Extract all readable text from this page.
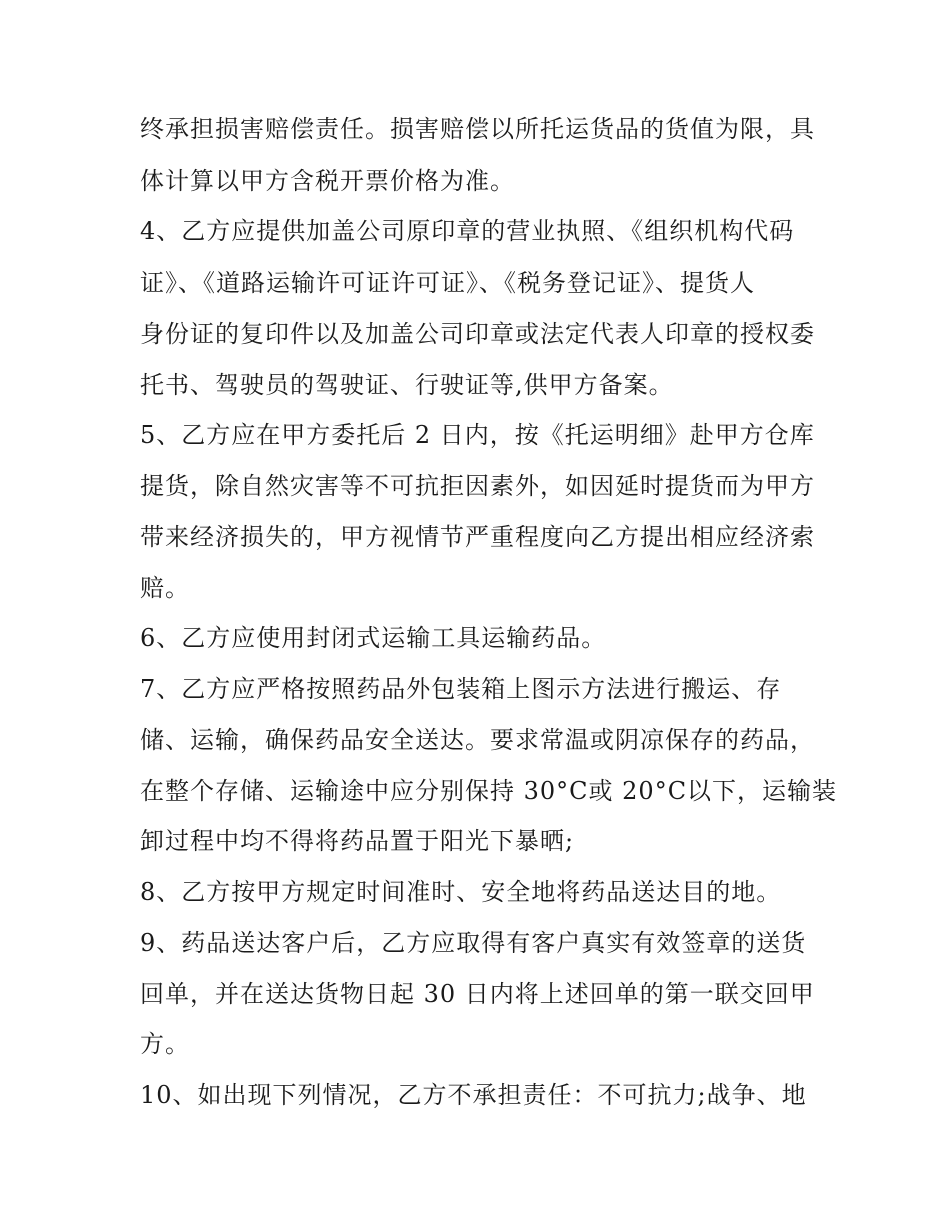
终承担损害赔偿责任。损害赔偿以所托运货品的货值为限，具
体计算以甲方含税开票价格为准。
4、乙方应提供加盖公司原印章的营业执照、《组织机构代码
证》、《道路运输许可证许可证》、《税务登记证》、提货人
身份证的复印件以及加盖公司印章或法定代表人印章的授权委
托书、驾驶员的驾驶证、行驶证等,供甲方备案。
5、乙方应在甲方委托后 2 日内，按《托运明细》赴甲方仓库
提货，除自然灾害等不可抗拒因素外，如因延时提货而为甲方
带来经济损失的，甲方视情节严重程度向乙方提出相应经济索
赔。
6、乙方应使用封闭式运输工具运输药品。
7、乙方应严格按照药品外包装箱上图示方法进行搬运、存
储、运输，确保药品安全送达。要求常温或阴凉保存的药品，
在整个存储、运输途中应分别保持 30°C或 20°C以下，运输装
卸过程中均不得将药品置于阳光下暴晒;
8、乙方按甲方规定时间准时、安全地将药品送达目的地。
9、药品送达客户后，乙方应取得有客户真实有效签章的送货
回单，并在送达货物日起 30 日内将上述回单的第一联交回甲
方。
10、如出现下列情况，乙方不承担责任：不可抗力;战争、地
